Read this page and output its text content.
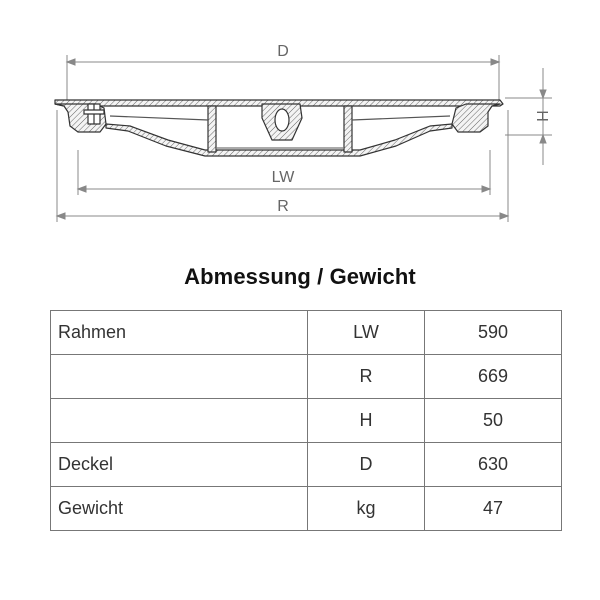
D
LW
R
H
Abmessung / Gewicht
Rahmen	LW	590
	R	669
	H	50
Deckel	D	630
Gewicht	kg	47
